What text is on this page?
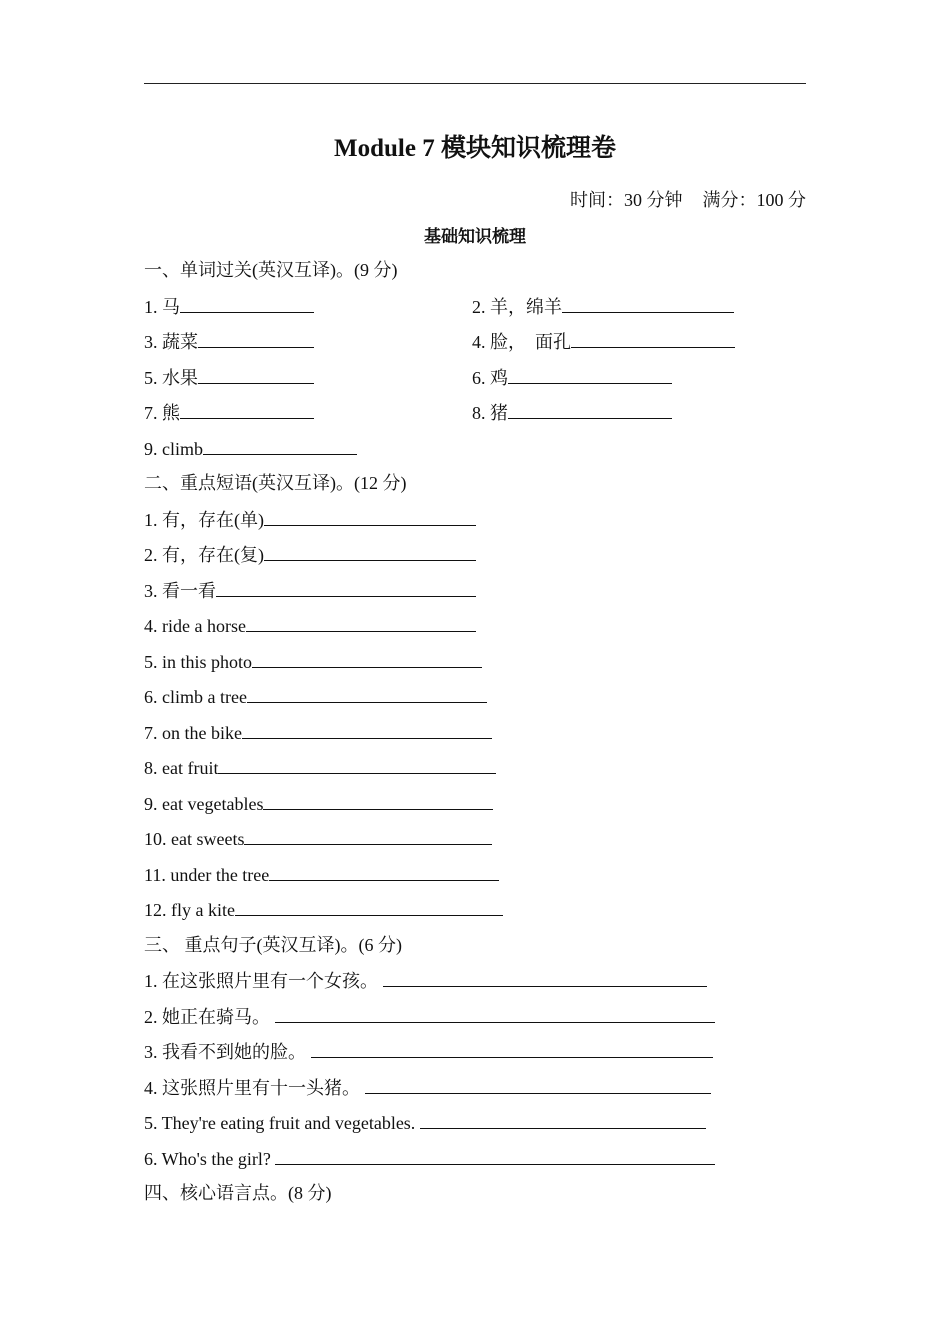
Module 7 模块知识梳理卷
时间：30 分钟 满分：100 分
基础知识梳理
一、单词过关(英汉互译)。(9 分)
1. 马	2. 羊，绵羊
3. 蔬菜	4. 脸，  面孔
5. 水果	6. 鸡
7. 熊	8. 猪
9. climb
二、重点短语(英汉互译)。(12 分)
1. 有，存在(单)
2. 有，存在(复)
3. 看一看
4. ride a horse
5. in this photo
6. climb a tree
7. on the bike
8. eat fruit
9. eat vegetables
10. eat sweets
11. under the tree
12. fly a kite
三、 重点句子(英汉互译)。(6 分)
1. 在这张照片里有一个女孩。
2. 她正在骑马。
3. 我看不到她的脸。
4. 这张照片里有十一头猪。
5. They're eating fruit and vegetables.
6. Who's the girl?
四、核心语言点。(8 分)
